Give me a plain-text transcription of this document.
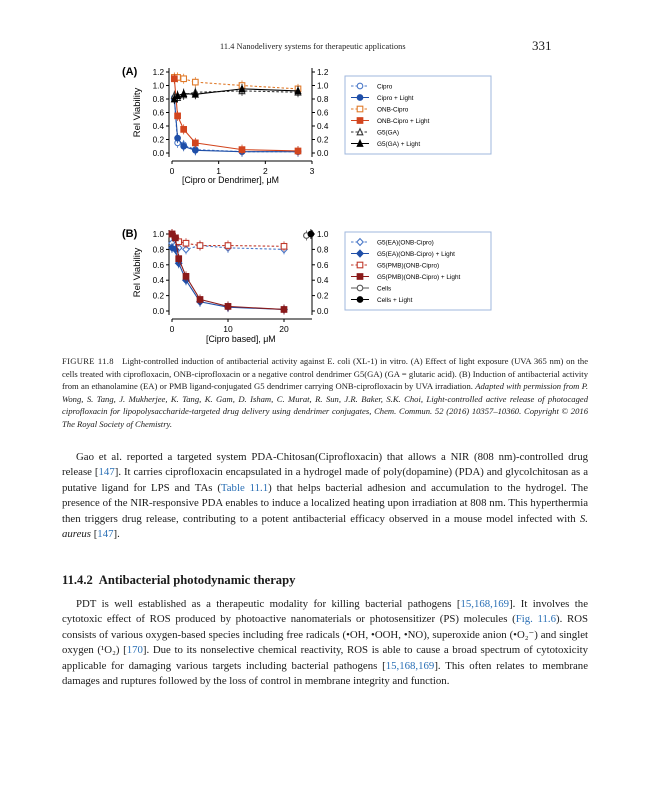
11.4 Nanodelivery systems for therapeutic applications	331
(A)
0.0	0.0
0.2	0.2
0.4	0.4
0.6	0.6
0.8	0.8
1.0	1.0
1.2	1.2
0	1	2	3
[Cipro or Dendrimer], μM
Rel Viability
Cipro
Cipro + Light
ONB-Cipro
ONB-Cipro + Light
G5(GA)
G5(GA) + Light
(B)
0.0	0.0
0.2	0.2
0.4	0.4
0.6	0.6
0.8	0.8
1.0	1.0
0	10	20
[Cipro based], μM
Rel Viability
G5(EA)(ONB-Cipro)
G5(EA)(ONB-Cipro) + Light
G5(PMB)(ONB-Cipro)
G5(PMB)(ONB-Cipro) + Light
Cells
Cells + Light
FIGURE 11.8 Light-controlled induction of antibacterial activity against E. coli (XL-1) in vitro. (A) Effect of light exposure (UVA 365 nm) on the cells treated with ciprofloxacin, ONB-ciprofloxacin or a negative control dendrimer G5(GA) (GA = glutaric acid). (B) Induction of antibacterial activity from an ethanolamine (EA) or PMB ligand-conjugated G5 dendrimer carrying ONB-ciprofloxacin by UVA irradiation. Adapted with permission from P. Wong, S. Tang, J. Mukherjee, K. Tang, K. Gam, D. Isham, C. Murat, R. Sun, J.R. Baker, S.K. Choi, Light-controlled active release of photocaged ciprofloxacin for lipopolysaccharide-targeted drug delivery using dendrimer conjugates, Chem. Commun. 52 (2016) 10357–10360. Copyright © 2016 The Royal Society of Chemistry.
Gao et al. reported a targeted system PDA-Chitosan(Ciprofloxacin) that allows a NIR (808 nm)-controlled drug release [147]. It carries ciprofloxacin encapsulated in a hydrogel made of poly(dopamine) (PDA) and glycolchitosan as a putative ligand for LPS and TAs (Table 11.1) that helps bacterial adhesion and accumulation to the hydrogel. The presence of the NIR-responsive PDA enables to induce a localized heating upon irradiation at 808 nm. This hyperthermia then triggers drug release, contributing to a potent antibacterial efficacy observed in a mouse model infected with S. aureus [147].
11.4.2 Antibacterial photodynamic therapy
PDT is well established as a therapeutic modality for killing bacterial pathogens [15,168,169]. It involves the cytotoxic effect of ROS produced by photoactive nanomaterials or photosensitizer (PS) molecules (Fig. 11.6). ROS consists of various oxygen-based species including free radicals (•OH, •OOH, •NO), superoxide anion (•O₂⁻) and singlet oxygen (¹O₂) [170]. Due to its nonselective chemical reactivity, ROS is able to cause a broad spectrum of cytotoxicity applicable for damaging various targets including bacterial pathogens [15,168,169]. This often relates to membrane damages and ruptures followed by the loss of control in membrane integrity and function.
